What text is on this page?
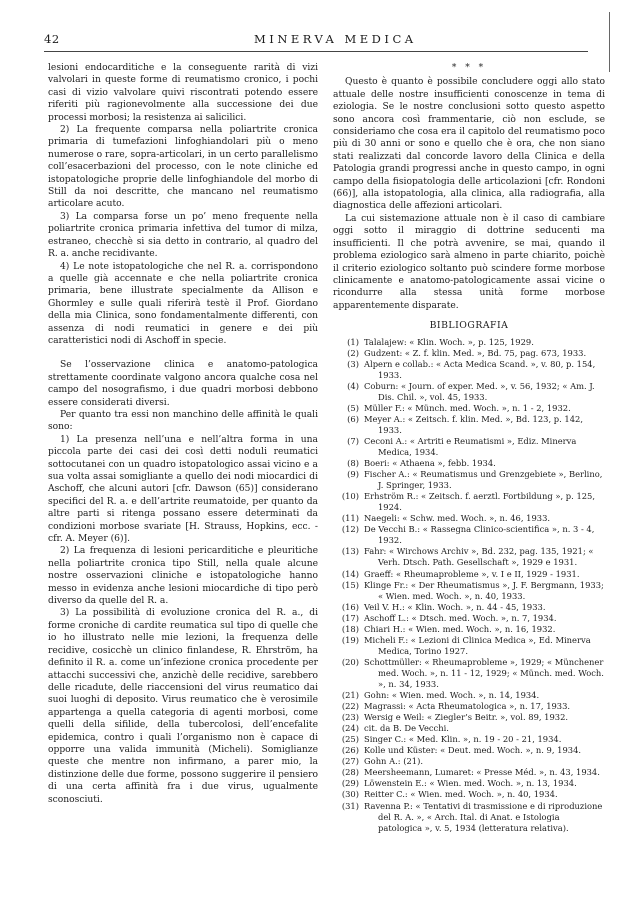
42	MINERVA MEDICA

lesioni endocarditiche e la conseguente rarità di vizi valvolari in queste forme di reumatismo cronico, i pochi casi di vizio valvolare quivi riscontrati potendo essere riferiti più ragionevolmente alla successione dei due processi morbosi; la resistenza ai salicilici.

2) La frequente comparsa nella poliartrite cronica primaria di tumefazioni linfoghiandolari più o meno numerose o rare, sopra-articolari, in un certo parallelismo coll’esacerbazioni del processo, con le note cliniche ed istopatologiche proprie delle linfoghiandole del morbo di Still da noi descritte, che mancano nel reumatismo articolare acuto.

3) La comparsa forse un po’ meno frequente nella poliartrite cronica primaria infettiva del tumor di milza, estraneo, checchè si sia detto in contrario, al quadro del R. a. anche recidivante.

4) Le note istopatologiche che nel R. a. corrispondono a quelle già accennate e che nella poliartrite cronica primaria, bene illustrate specialmente da Allison e Ghormley e sulle quali riferirà testè il Prof. Giordano della mia Clinica, sono fondamentalmente differenti, con assenza di nodi reumatici in genere e dei più caratteristici nodi di Aschoff in specie.

Se l’osservazione clinica e anatomo-patologica strettamente coordinate valgono ancora qualche cosa nel campo del nosografismo, i due quadri morbosi debbono essere considerati diversi.

Per quanto tra essi non manchino delle affinità le quali sono:

1) La presenza nell’una e nell’altra forma in una piccola parte dei casi dei così detti noduli reumatici sottocutanei con un quadro istopatologico assai vicino e a sua volta assai somigliante a quello dei nodi miocardici di Aschoff, che alcuni autori [cfr. Dawson (65)] considerano specifici del R. a. e dell’artrite reumatoide, per quanto da altre parti si ritenga possano essere determinati da condizioni morbose svariate [H. Strauss, Hopkins, ecc. - cfr. A. Meyer (6)].

2) La frequenza di lesioni pericarditiche e pleuritiche nella poliartrite cronica tipo Still, nella quale alcune nostre osservazioni cliniche e istopatologiche hanno messo in evidenza anche lesioni miocardiche di tipo però diverso da quelle del R. a.

3) La possibilità di evoluzione cronica del R. a., di forme croniche di cardite reumatica sul tipo di quelle che io ho illustrato nelle mie lezioni, la frequenza delle recidive, cosicchè un clinico finlandese, R. Ehrström, ha definito il R. a. come un’infezione cronica procedente per attacchi successivi che, anzichè delle recidive, sarebbero delle ricadute, delle riaccensioni del virus reumatico dai suoi luoghi di deposito. Virus reumatico che è verosimile appartenga a quella categoria di agenti morbosi, come quelli della sifilide, della tubercolosi, dell’encefalite epidemica, contro i quali l’organismo non è capace di opporre una valida immunità (Micheli). Somiglianze queste che mentre non infirmano, a parer mio, la distinzione delle due forme, possono suggerire il pensiero di una certa affinità fra i due virus, ugualmente sconosciuti.

* * *

Questo è quanto è possibile concludere oggi allo stato attuale delle nostre insufficienti conoscenze in tema di eziologia. Se le nostre conclusioni sotto questo aspetto sono ancora così frammentarie, ciò non esclude, se consideriamo che cosa era il capitolo del reumatismo poco più di 30 anni or sono e quello che è ora, che non siano stati realizzati dal concorde lavoro della Clinica e della Patologia grandi progressi anche in questo campo, in ogni campo della fisiopatologia delle articolazioni [cfr. Rondoni (66)], alla istopatologia, alla clinica, alla radiografia, alla diagnostica delle affezioni articolari.

La cui sistemazione attuale non è il caso di cambiare oggi sotto il miraggio di dottrine seducenti ma insufficienti. Il che potrà avvenire, se mai, quando il problema eziologico sarà almeno in parte chiarito, poichè il criterio eziologico soltanto può scindere forme morbose clinicamente e anatomo-patologicamente assai vicine o ricondurre alla stessa unità forme morbose apparentemente disparate.

BIBLIOGRAFIA
(1) Talalajew: « Klin. Woch. », p. 125, 1929.
(2) Gudzent: « Z. f. klin. Med. », Bd. 75, pag. 673, 1933.
(3) Alpern e collab.: « Acta Medica Scand. », v. 80, p. 154, 1933.
(4) Coburn: « Journ. of exper. Med. », v. 56, 1932; « Am. J. Dis. Chil. », vol. 45, 1933.
(5) Müller F.: « Münch. med. Woch. », n. 1 - 2, 1932.
(6) Meyer A.: « Zeitsch. f. klin. Med. », Bd. 123, p. 142, 1933.
(7) Ceconi A.: « Artriti e Reumatismi », Ediz. Minerva Medica, 1934.
(8) Boeri: « Athaena », febb. 1934.
(9) Fischer A.: « Reumatismus und Grenzgebiete », Berlino, J. Springer, 1933.
(10) Erhström R.: « Zeitsch. f. aerztl. Fortbildung », p. 125, 1924.
(11) Naegeli: « Schw. med. Woch. », n. 46, 1933.
(12) De Vecchi B.: « Rassegna Clinico-scientifica », n. 3 - 4, 1932.
(13) Fahr: « Wirchows Archiv », Bd. 232, pag. 135, 1921; « Verh. Dtsch. Path. Gesellschaft », 1929 e 1931.
(14) Graeff: « Rheumaprobleme », v. I e II, 1929 - 1931.
(15) Klinge Fr.: « Der Rheumatismus », J. F. Bergmann, 1933; « Wien. med. Woch. », n. 40, 1933.
(16) Veil V. H.: « Klin. Woch. », n. 44 - 45, 1933.
(17) Aschoff L.: « Dtsch. med. Woch. », n. 7, 1934.
(18) Chiari H.: « Wien. med. Woch. », n. 16, 1932.
(19) Micheli F.: « Lezioni di Clinica Medica », Ed. Minerva Medica, Torino 1927.
(20) Schottmüller: « Rheumaprobleme », 1929; « Münchener med. Woch. », n. 11 - 12, 1929; « Münch. med. Woch. », n. 34, 1933.
(21) Gohn: « Wien. med. Woch. », n. 14, 1934.
(22) Magrassi: « Acta Rheumatologica », n. 17, 1933.
(23) Wersig e Weil: « Ziegler’s Beitr. », vol. 89, 1932.
(24) cit. da B. De Vecchi.
(25) Singer C.: « Med. Klin. », n. 19 - 20 - 21, 1934.
(26) Kolle und Küster: « Deut. med. Woch. », n. 9, 1934.
(27) Gohn A.: (21).
(28) Meersheemann, Lumaret: « Presse Méd. », n. 43, 1934.
(29) Löwenstein E.: « Wien. med. Woch. », n. 13, 1934.
(30) Reitter C.: « Wien. med. Woch. », n. 40, 1934.
(31) Ravenna P.: « Tentativi di trasmissione e di riproduzione del R. A. », « Arch. Ital. di Anat. e Istologia patologica », v. 5, 1934 (letteratura relativa).
